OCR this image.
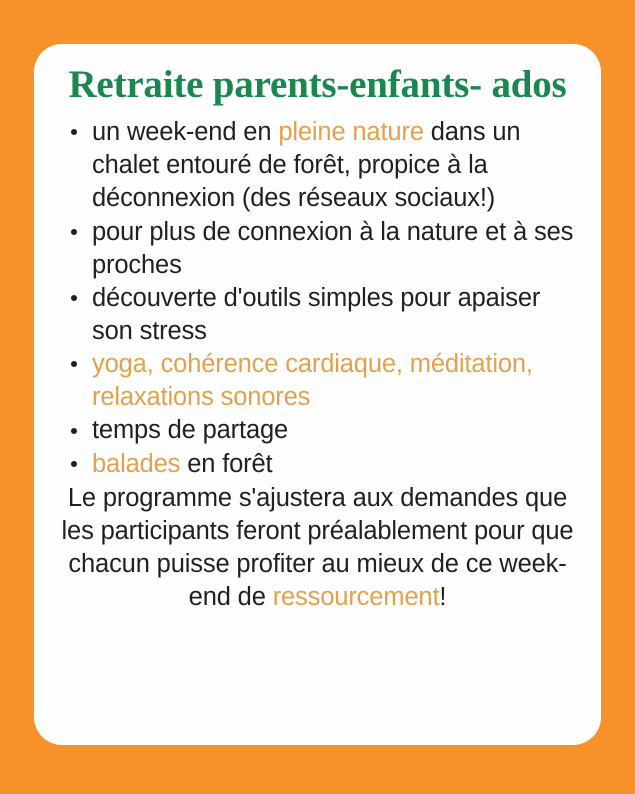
Retraite parents-enfants- ados
un week-end en pleine nature dans un chalet entouré de forêt, propice à la déconnexion (des réseaux sociaux!)
pour plus de connexion à la nature et à ses proches
découverte d'outils simples pour apaiser son stress
yoga, cohérence cardiaque, méditation, relaxations sonores
temps de partage
balades en forêt

Le programme s'ajustera aux demandes que les participants feront préalablement pour que chacun puisse profiter au mieux de ce week-end de ressourcement!
